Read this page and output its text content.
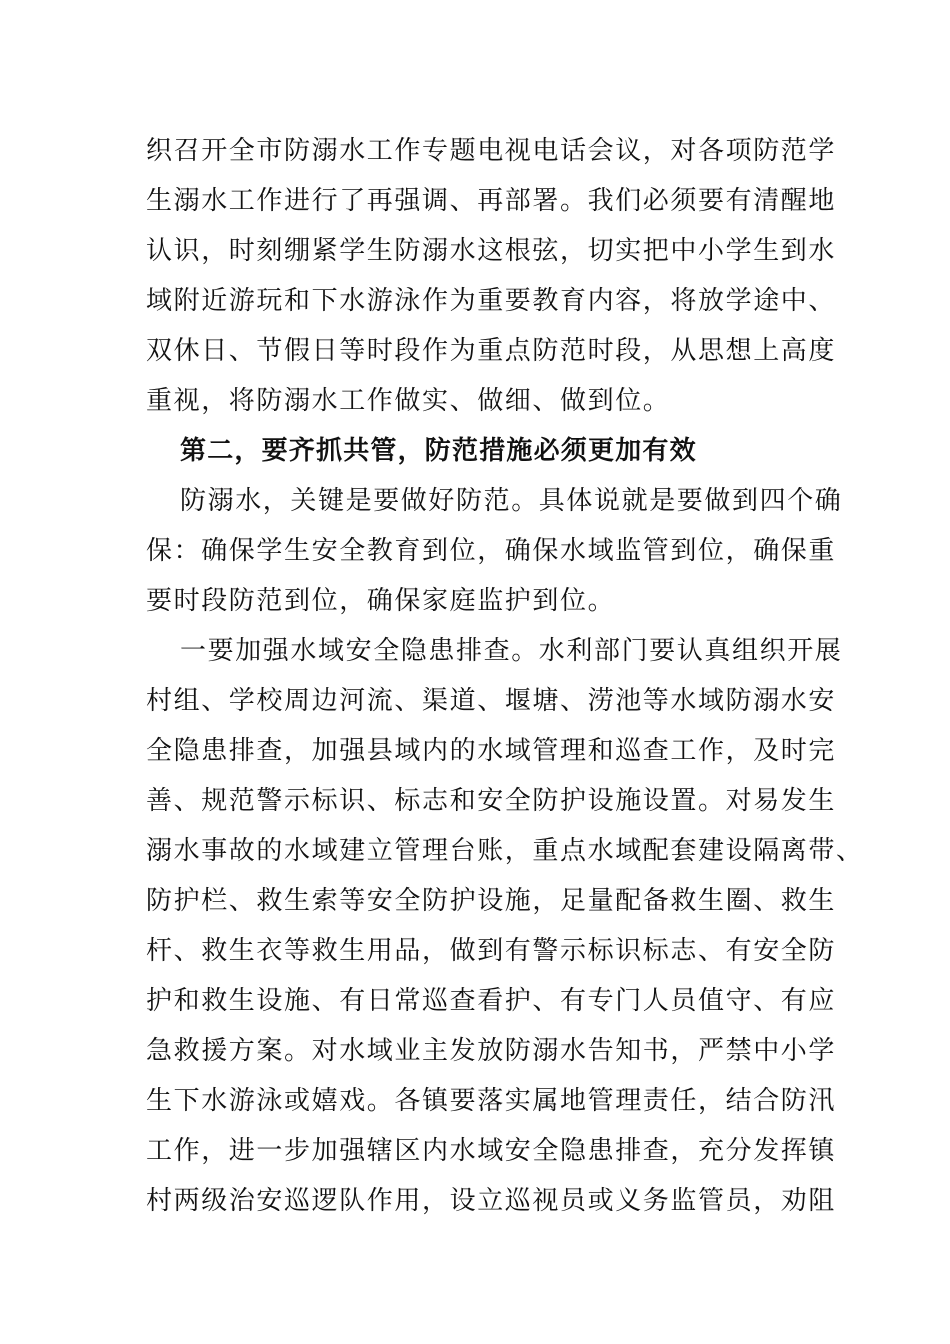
织召开全市防溺水工作专题电视电话会议，对各项防范学
生溺水工作进行了再强调、再部署。我们必须要有清醒地
认识，时刻绷紧学生防溺水这根弦，切实把中小学生到水
域附近游玩和下水游泳作为重要教育内容，将放学途中、
双休日、节假日等时段作为重点防范时段，从思想上高度
重视，将防溺水工作做实、做细、做到位。
第二，要齐抓共管，防范措施必须更加有效
防溺水，关键是要做好防范。具体说就是要做到四个确
保：确保学生安全教育到位，确保水域监管到位，确保重
要时段防范到位，确保家庭监护到位。
一要加强水域安全隐患排查。水利部门要认真组织开展
村组、学校周边河流、渠道、堰塘、涝池等水域防溺水安
全隐患排查，加强县域内的水域管理和巡查工作，及时完
善、规范警示标识、标志和安全防护设施设置。对易发生
溺水事故的水域建立管理台账，重点水域配套建设隔离带、
防护栏、救生索等安全防护设施，足量配备救生圈、救生
杆、救生衣等救生用品，做到有警示标识标志、有安全防
护和救生设施、有日常巡查看护、有专门人员值守、有应
急救援方案。对水域业主发放防溺水告知书，严禁中小学
生下水游泳或嬉戏。各镇要落实属地管理责任，结合防汛
工作，进一步加强辖区内水域安全隐患排查，充分发挥镇
村两级治安巡逻队作用，设立巡视员或义务监管员，劝阻
